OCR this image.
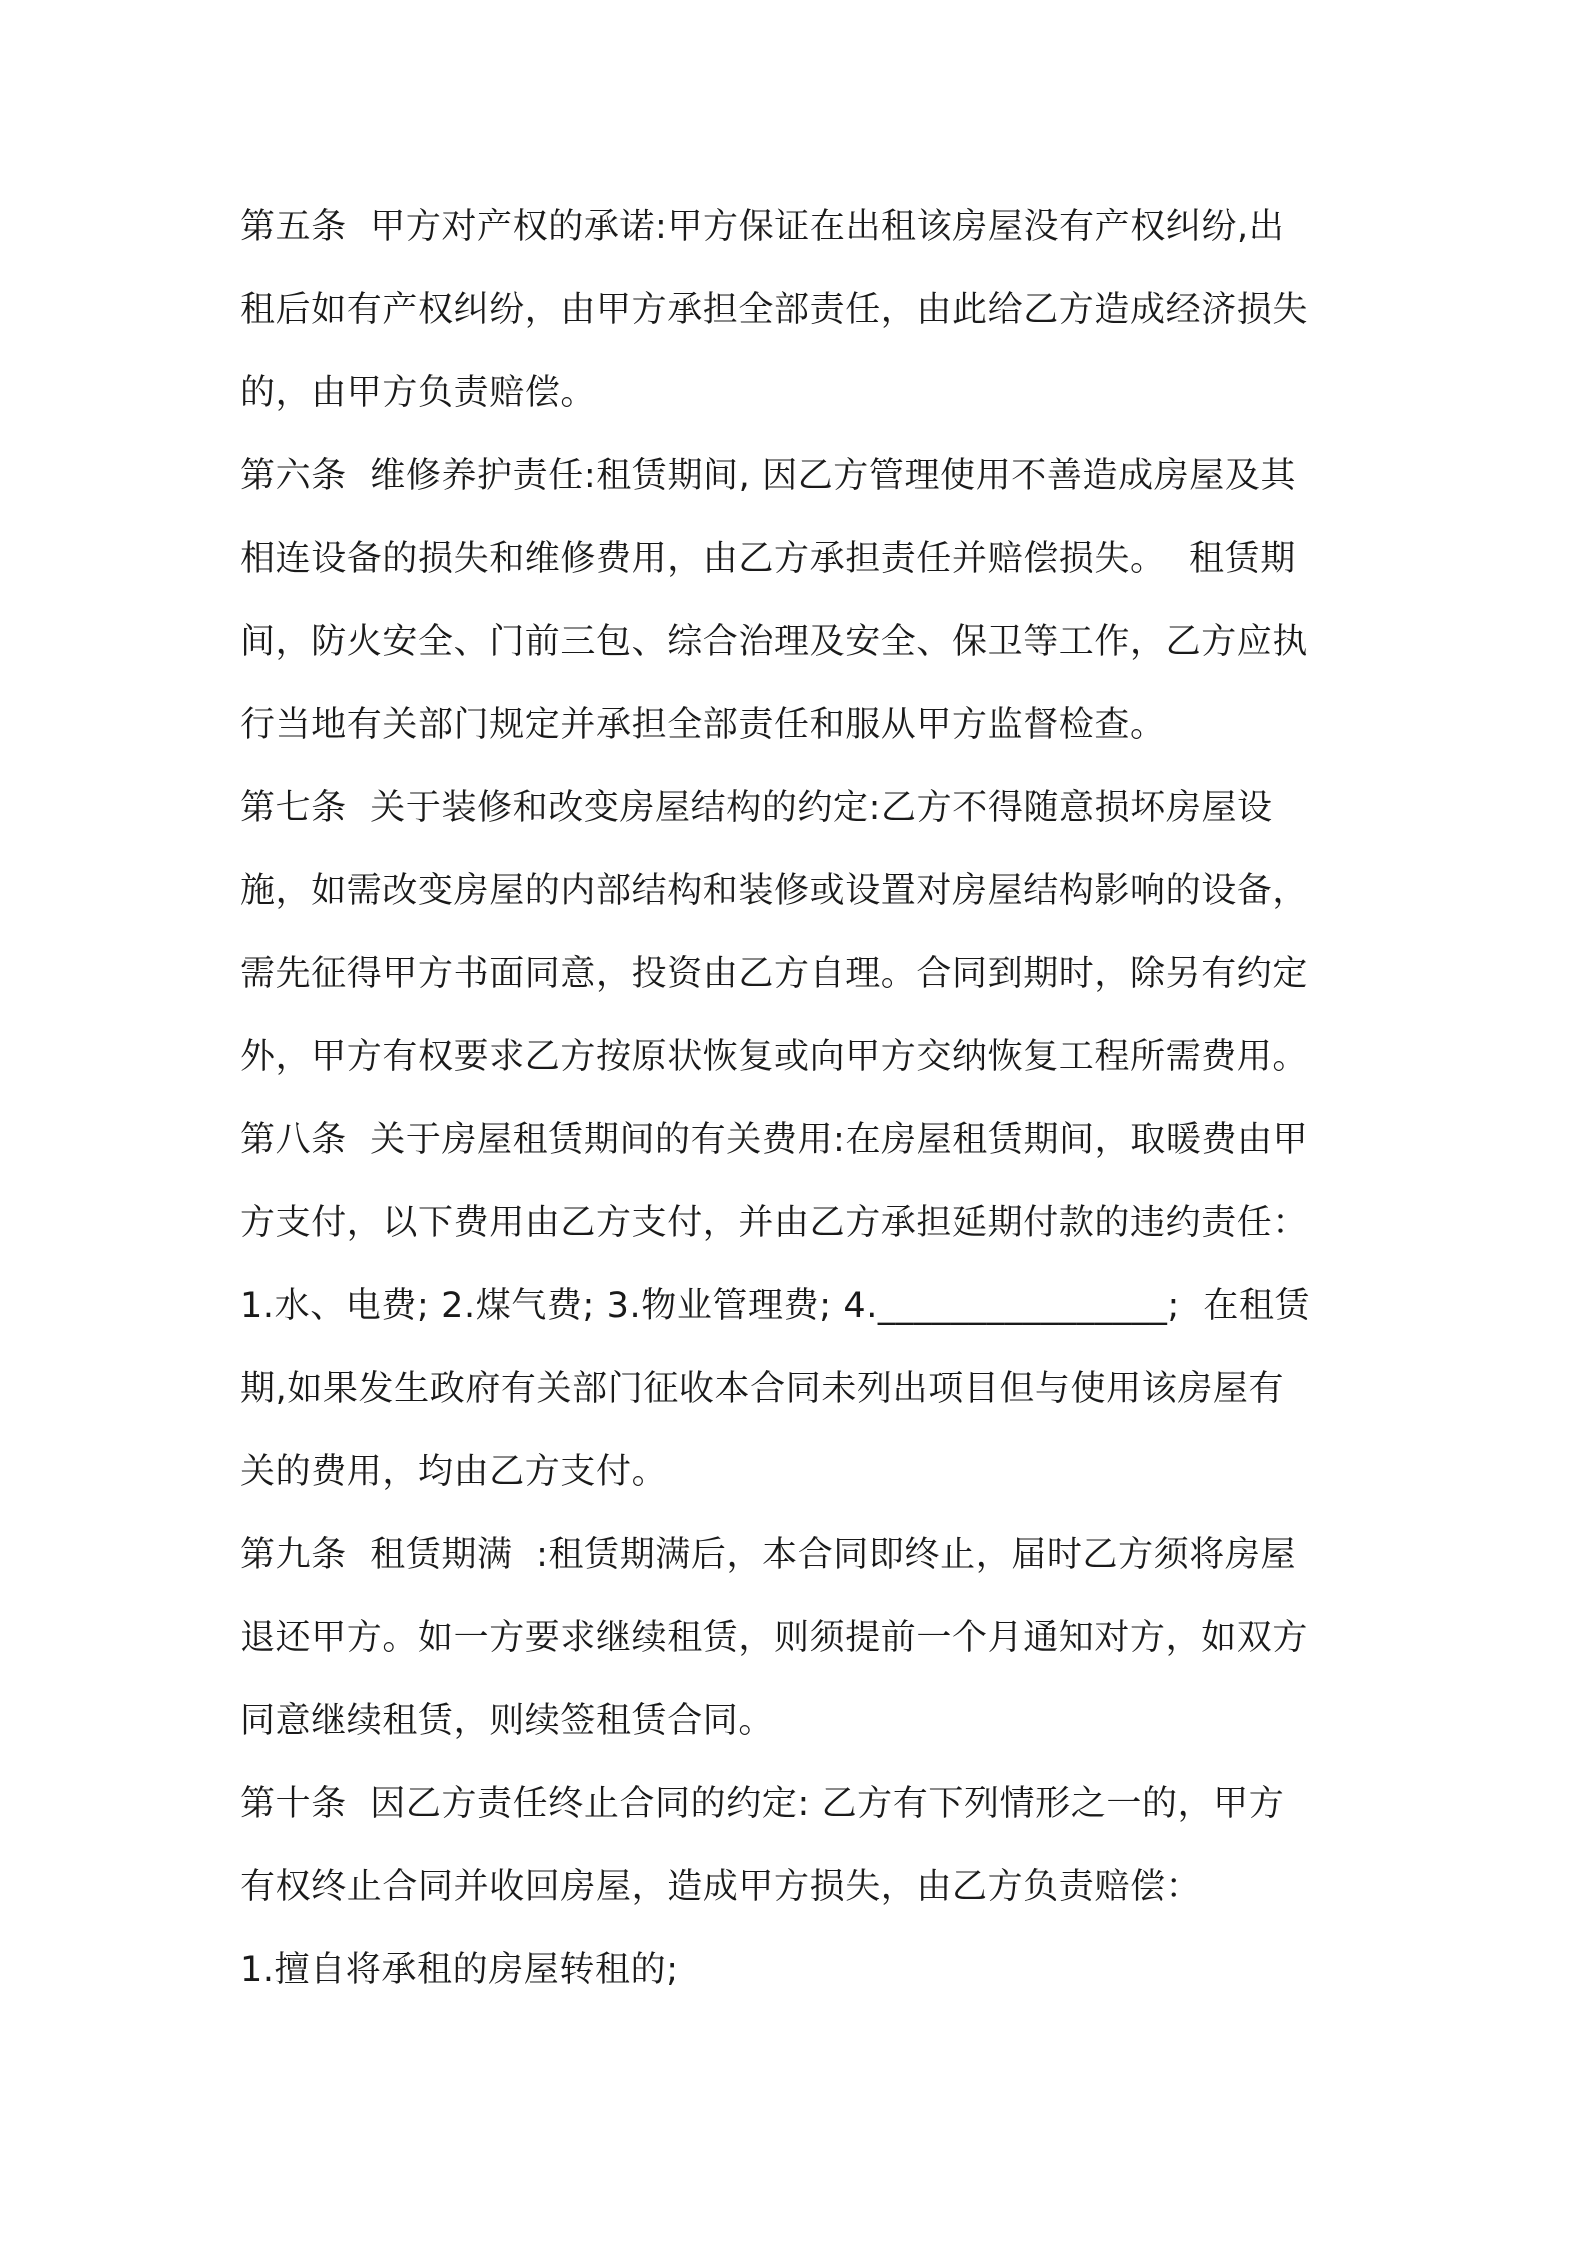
第五条  甲方对产权的承诺:甲方保证在出租该房屋没有产权纠纷,出
租后如有产权纠纷，由甲方承担全部责任，由此给乙方造成经济损失
的，由甲方负责赔偿。
第六条  维修养护责任:租赁期间, 因乙方管理使用不善造成房屋及其
相连设备的损失和维修费用，由乙方承担责任并赔偿损失。  租赁期
间，防火安全、门前三包、综合治理及安全、保卫等工作，乙方应执
行当地有关部门规定并承担全部责任和服从甲方监督检查。
第七条  关于装修和改变房屋结构的约定:乙方不得随意损坏房屋设
施，如需改变房屋的内部结构和装修或设置对房屋结构影响的设备，
需先征得甲方书面同意，投资由乙方自理。合同到期时，除另有约定
外，甲方有权要求乙方按原状恢复或向甲方交纳恢复工程所需费用。
第八条  关于房屋租赁期间的有关费用:在房屋租赁期间，取暖费由甲
方支付，以下费用由乙方支付，并由乙方承担延期付款的违约责任：
1.水、电费; 2.煤气费; 3.物业管理费; 4.________________;  在租赁
期,如果发生政府有关部门征收本合同未列出项目但与使用该房屋有
关的费用，均由乙方支付。
第九条  租赁期满  :租赁期满后，本合同即终止，届时乙方须将房屋
退还甲方。如一方要求继续租赁，则须提前一个月通知对方，如双方
同意继续租赁，则续签租赁合同。
第十条  因乙方责任终止合同的约定: 乙方有下列情形之一的，甲方
有权终止合同并收回房屋，造成甲方损失，由乙方负责赔偿：
1.擅自将承租的房屋转租的;
